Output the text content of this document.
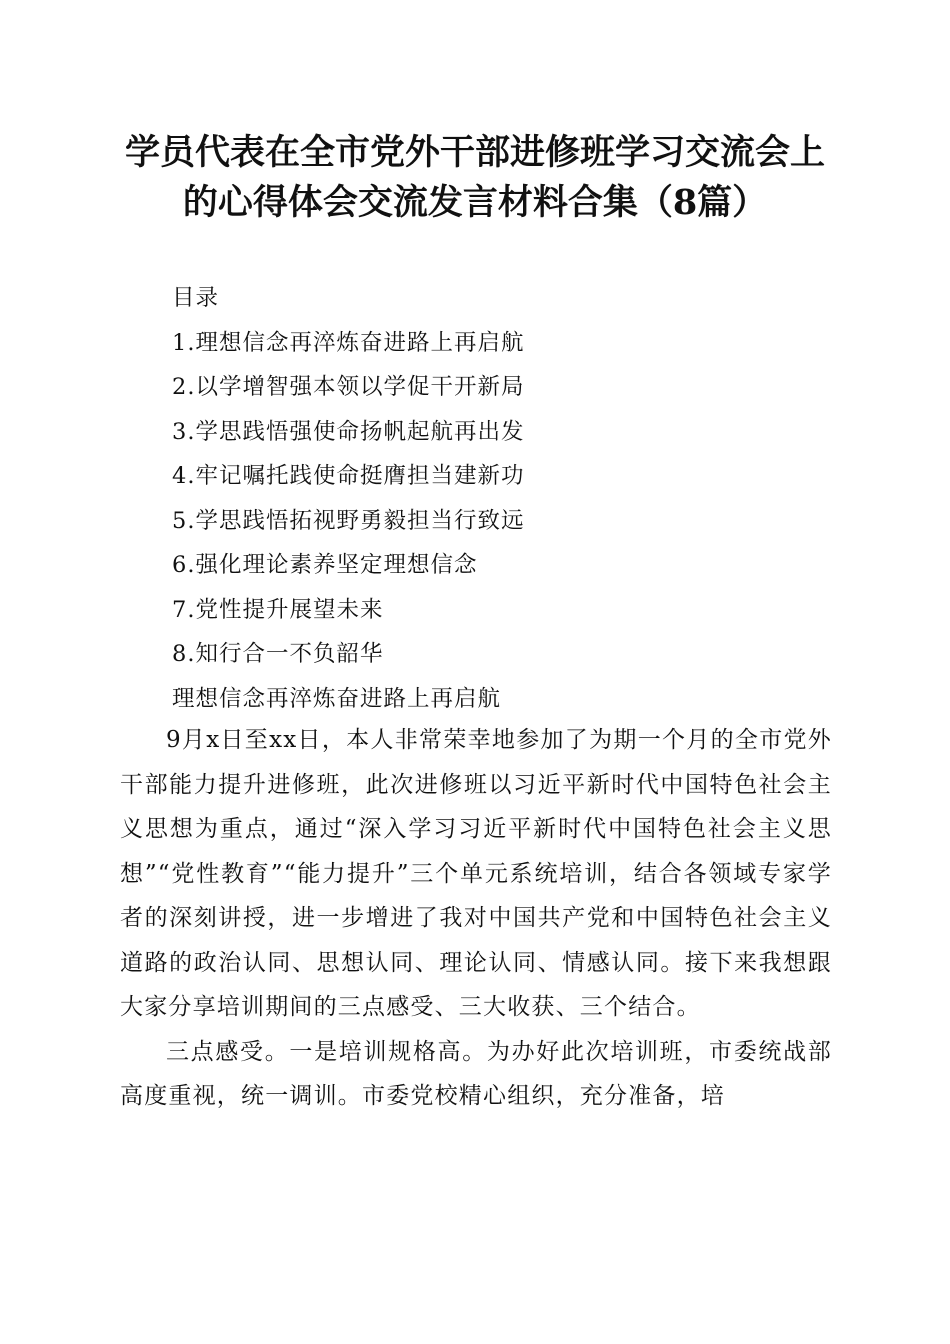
学员代表在全市党外干部进修班学习交流会上
的心得体会交流发言材料合集（8篇）
目录
1.理想信念再淬炼奋进路上再启航
2.以学增智强本领以学促干开新局
3.学思践悟强使命扬帆起航再出发
4.牢记嘱托践使命挺膺担当建新功
5.学思践悟拓视野勇毅担当行致远
6.强化理论素养坚定理想信念
7.党性提升展望未来
8.知行合一不负韶华
理想信念再淬炼奋进路上再启航

9月x日至xx日，本人非常荣幸地参加了为期一个月的全市党外干部能力提升进修班，此次进修班以习近平新时代中国特色社会主义思想为重点，通过“深入学习习近平新时代中国特色社会主义思想”“党性教育”“能力提升”三个单元系统培训，结合各领域专家学者的深刻讲授，进一步增进了我对中国共产党和中国特色社会主义道路的政治认同、思想认同、理论认同、情感认同。接下来我想跟大家分享培训期间的三点感受、三大收获、三个结合。

三点感受。一是培训规格高。为办好此次培训班，市委统战部高度重视，统一调训。市委党校精心组织，充分准备，培
